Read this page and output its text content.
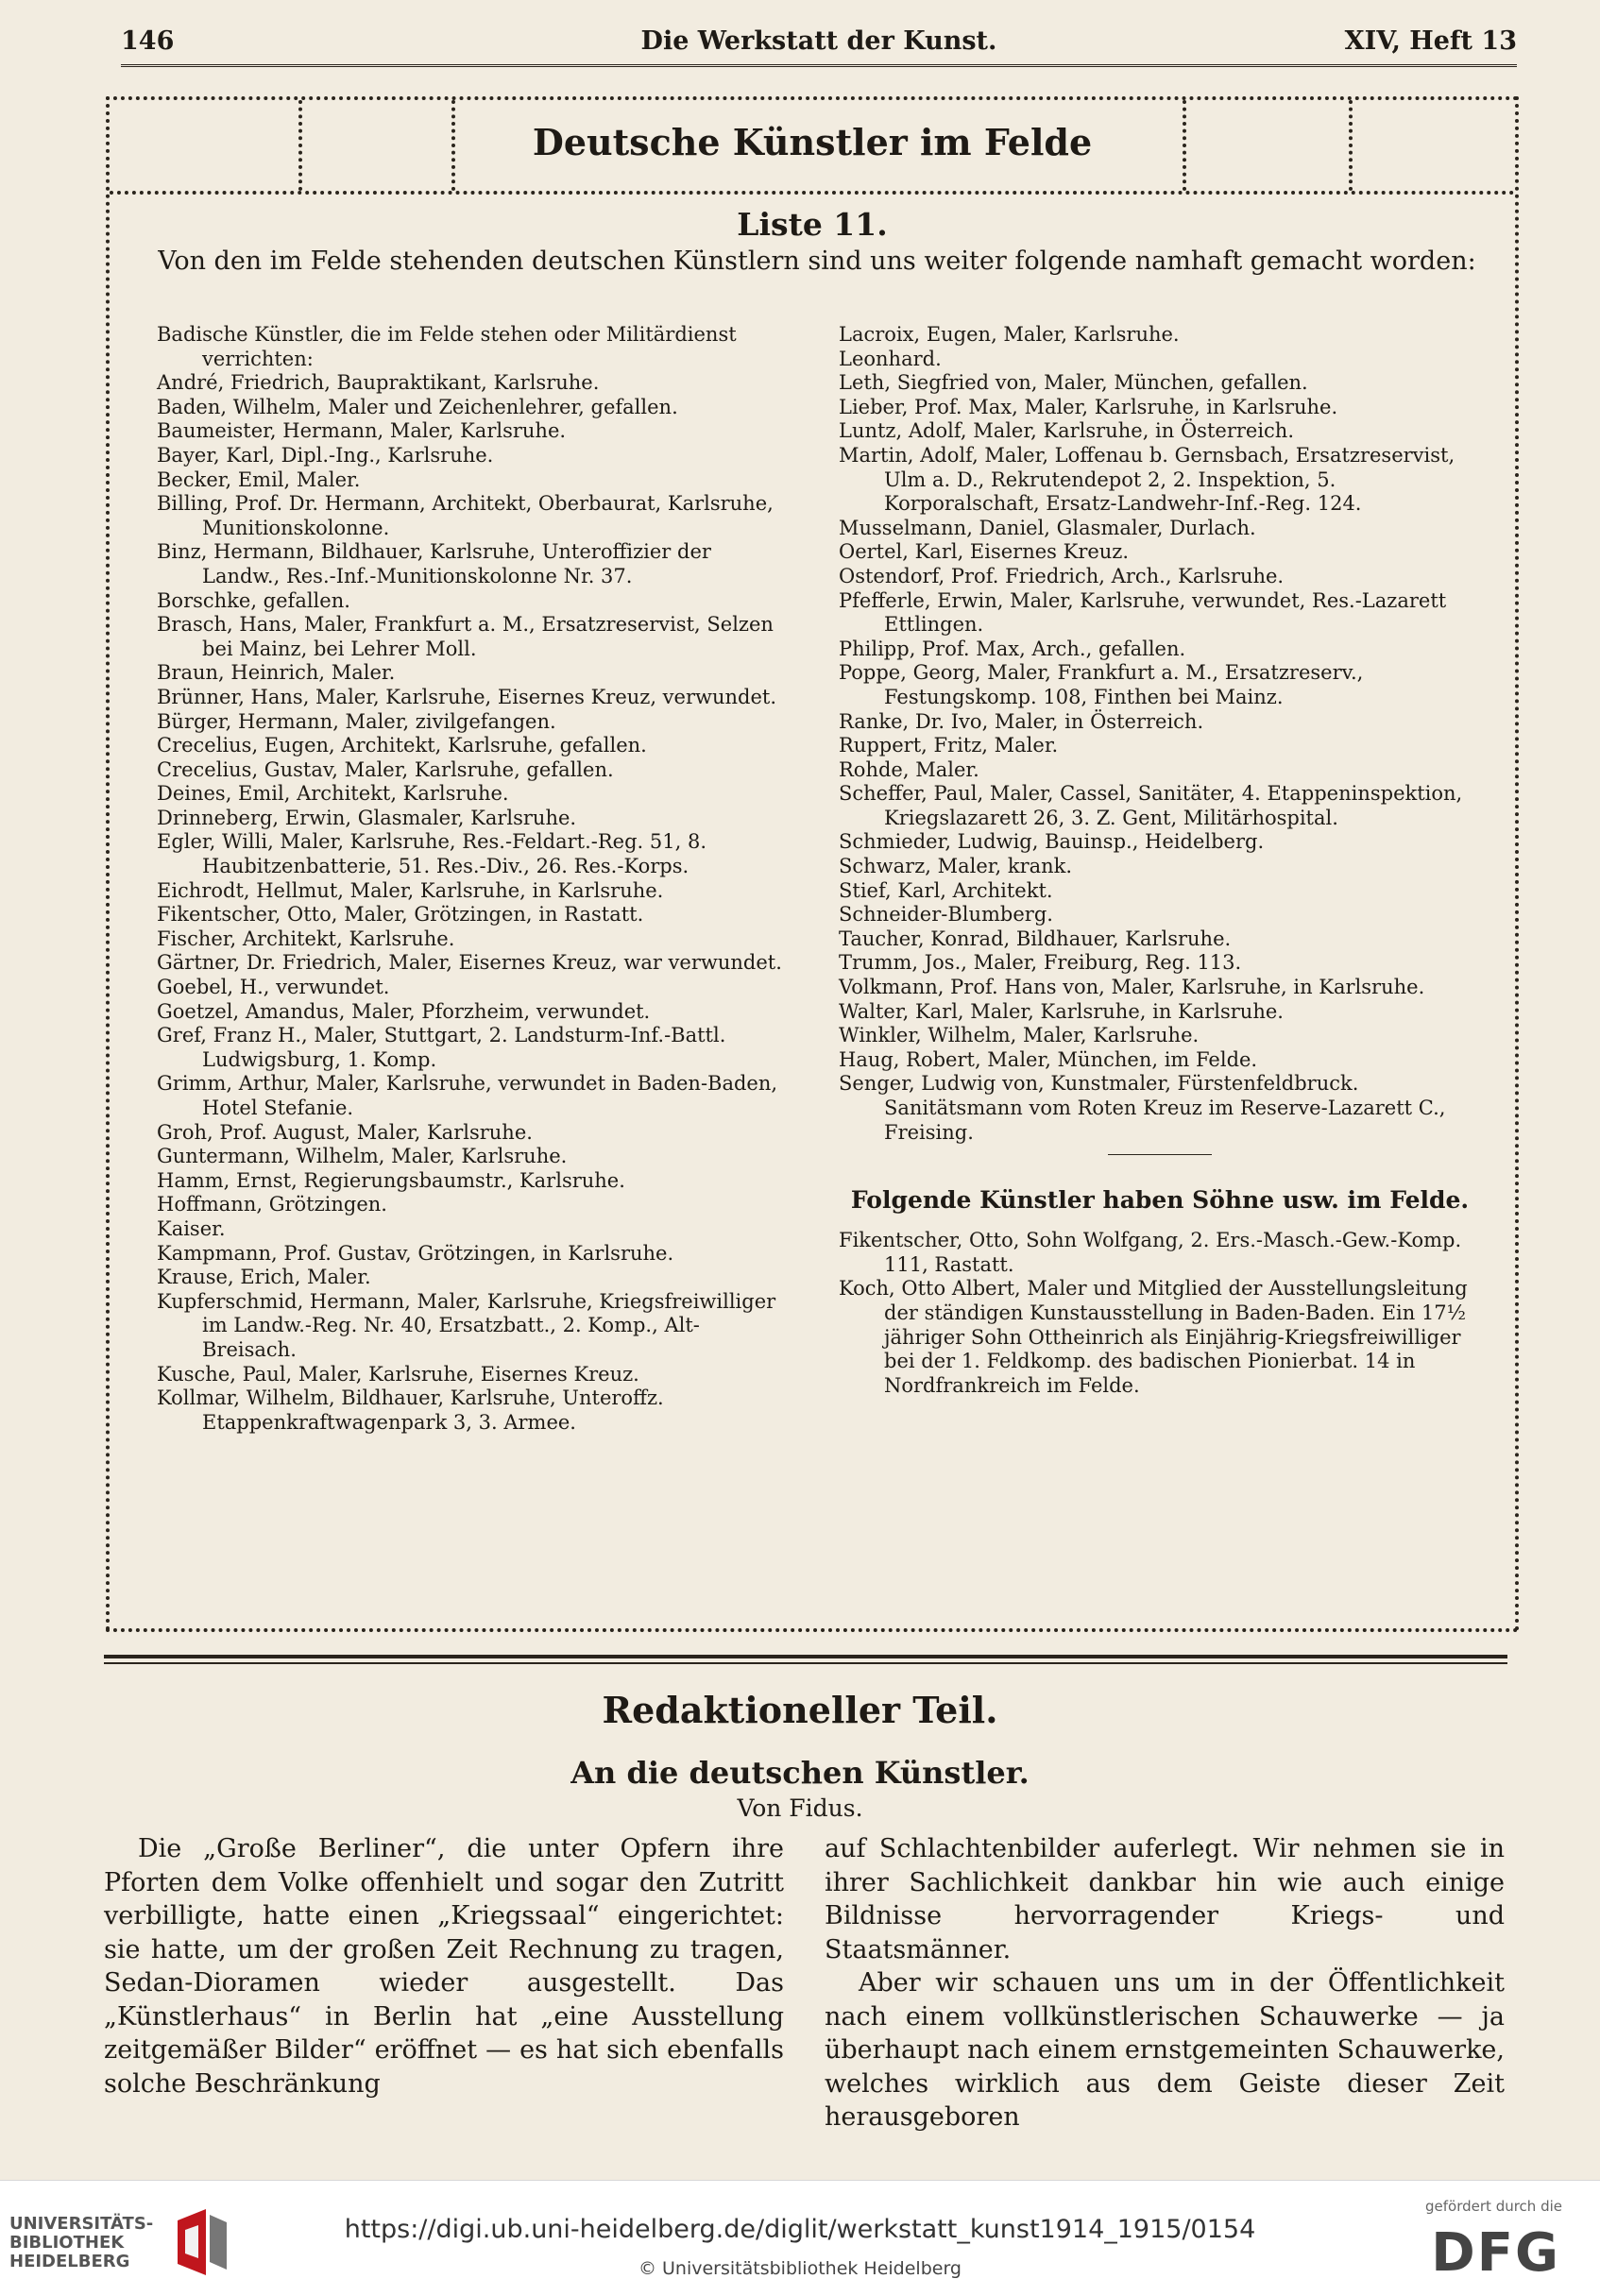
146	Die Werkstatt der Kunst.	XIV, Heft 13
Deutsche Künstler im Felde
Liste 11.
Von den im Felde stehenden deutschen Künstlern sind uns weiter folgende namhaft gemacht worden:
Badische Künstler, die im Felde stehen oder Militärdienst verrichten:
André, Friedrich, Baupraktikant, Karlsruhe.
Baden, Wilhelm, Maler und Zeichenlehrer, gefallen.
Baumeister, Hermann, Maler, Karlsruhe.
Bayer, Karl, Dipl.-Ing., Karlsruhe.
Becker, Emil, Maler.
Billing, Prof. Dr. Hermann, Architekt, Oberbaurat, Karlsruhe, Munitionskolonne.
Binz, Hermann, Bildhauer, Karlsruhe, Unteroffizier der Landw., Res.-Inf.-Munitionskolonne Nr. 37.
Borschke, gefallen.
Brasch, Hans, Maler, Frankfurt a. M., Ersatzreservist, Selzen bei Mainz, bei Lehrer Moll.
Braun, Heinrich, Maler.
Brünner, Hans, Maler, Karlsruhe, Eisernes Kreuz, verwundet.
Bürger, Hermann, Maler, zivilgefangen.
Crecelius, Eugen, Architekt, Karlsruhe, gefallen.
Crecelius, Gustav, Maler, Karlsruhe, gefallen.
Deines, Emil, Architekt, Karlsruhe.
Drinneberg, Erwin, Glasmaler, Karlsruhe.
Egler, Willi, Maler, Karlsruhe, Res.-Feldart.-Reg. 51, 8. Haubitzenbatterie, 51. Res.-Div., 26. Res.-Korps.
Eichrodt, Hellmut, Maler, Karlsruhe, in Karlsruhe.
Fikentscher, Otto, Maler, Grötzingen, in Rastatt.
Fischer, Architekt, Karlsruhe.
Gärtner, Dr. Friedrich, Maler, Eisernes Kreuz, war verwundet.
Goebel, H., verwundet.
Goetzel, Amandus, Maler, Pforzheim, verwundet.
Gref, Franz H., Maler, Stuttgart, 2. Landsturm-Inf.-Battl. Ludwigsburg, 1. Komp.
Grimm, Arthur, Maler, Karlsruhe, verwundet in Baden-Baden, Hotel Stefanie.
Groh, Prof. August, Maler, Karlsruhe.
Guntermann, Wilhelm, Maler, Karlsruhe.
Hamm, Ernst, Regierungsbaumstr., Karlsruhe.
Hoffmann, Grötzingen.
Kaiser.
Kampmann, Prof. Gustav, Grötzingen, in Karlsruhe.
Krause, Erich, Maler.
Kupferschmid, Hermann, Maler, Karlsruhe, Kriegsfreiwilliger im Landw.-Reg. Nr. 40, Ersatzbatt., 2. Komp., Alt-Breisach.
Kusche, Paul, Maler, Karlsruhe, Eisernes Kreuz.
Kollmar, Wilhelm, Bildhauer, Karlsruhe, Unteroffz. Etappenkraftwagenpark 3, 3. Armee.
Lacroix, Eugen, Maler, Karlsruhe.
Leonhard.
Leth, Siegfried von, Maler, München, gefallen.
Lieber, Prof. Max, Maler, Karlsruhe, in Karlsruhe.
Luntz, Adolf, Maler, Karlsruhe, in Österreich.
Martin, Adolf, Maler, Loffenau b. Gernsbach, Ersatzreservist, Ulm a. D., Rekrutendepot 2, 2. Inspektion, 5. Korporalschaft, Ersatz-Landwehr-Inf.-Reg. 124.
Musselmann, Daniel, Glasmaler, Durlach.
Oertel, Karl, Eisernes Kreuz.
Ostendorf, Prof. Friedrich, Arch., Karlsruhe.
Pfefferle, Erwin, Maler, Karlsruhe, verwundet, Res.-Lazarett Ettlingen.
Philipp, Prof. Max, Arch., gefallen.
Poppe, Georg, Maler, Frankfurt a. M., Ersatzreserv., Festungskomp. 108, Finthen bei Mainz.
Ranke, Dr. Ivo, Maler, in Österreich.
Ruppert, Fritz, Maler.
Rohde, Maler.
Scheffer, Paul, Maler, Cassel, Sanitäter, 4. Etappeninspektion, Kriegslazarett 26, 3. Z. Gent, Militärhospital.
Schmieder, Ludwig, Bauinsp., Heidelberg.
Schwarz, Maler, krank.
Stief, Karl, Architekt.
Schneider-Blumberg.
Taucher, Konrad, Bildhauer, Karlsruhe.
Trumm, Jos., Maler, Freiburg, Reg. 113.
Volkmann, Prof. Hans von, Maler, Karlsruhe, in Karlsruhe.
Walter, Karl, Maler, Karlsruhe, in Karlsruhe.
Winkler, Wilhelm, Maler, Karlsruhe.
Haug, Robert, Maler, München, im Felde.
Senger, Ludwig von, Kunstmaler, Fürstenfeldbruck. Sanitätsmann vom Roten Kreuz im Reserve-Lazarett C., Freising.
Folgende Künstler haben Söhne usw. im Felde.
Fikentscher, Otto, Sohn Wolfgang, 2. Ers.-Masch.-Gew.-Komp. 111, Rastatt.
Koch, Otto Albert, Maler und Mitglied der Ausstellungsleitung der ständigen Kunstausstellung in Baden-Baden. Ein 17½ jähriger Sohn Ottheinrich als Einjährig-Kriegsfreiwilliger bei der 1. Feldkomp. des badischen Pionierbat. 14 in Nordfrankreich im Felde.
Redaktioneller Teil.
An die deutschen Künstler.
Von Fidus.

Die „Große Berliner“, die unter Opfern ihre Pforten dem Volke offenhielt und sogar den Zutritt verbilligte, hatte einen „Kriegssaal“ eingerichtet: sie hatte, um der großen Zeit Rechnung zu tragen, Sedan-Dioramen wieder ausgestellt. Das „Künstlerhaus“ in Berlin hat „eine Ausstellung zeitgemäßer Bilder“ eröffnet — es hat sich ebenfalls solche Beschränkung

auf Schlachtenbilder auferlegt. Wir nehmen sie in ihrer Sachlichkeit dankbar hin wie auch einige Bildnisse hervorragender Kriegs- und Staatsmänner.

Aber wir schauen uns um in der Öffentlichkeit nach einem vollkünstlerischen Schauwerke — ja überhaupt nach einem ernstgemeinten Schauwerke, welches wirklich aus dem Geiste dieser Zeit herausgeboren

UNIVERSITÄTS-
BIBLIOTHEK
HEIDELBERG
https://digi.ub.uni-heidelberg.de/diglit/werkstatt_kunst1914_1915/0154
© Universitätsbibliothek Heidelberg
gefördert durch die
DFG
